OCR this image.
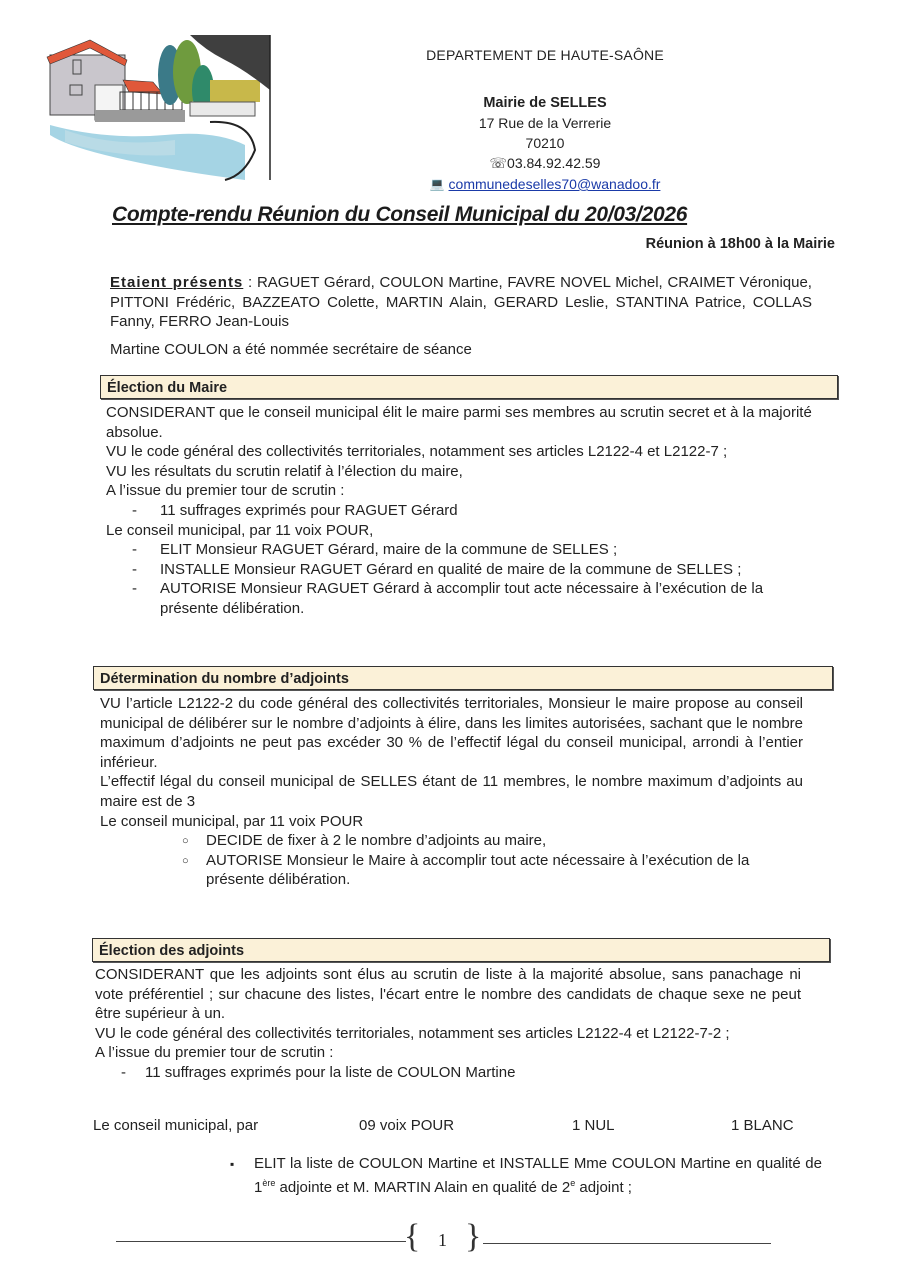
DEPARTEMENT DE HAUTE-SAÔNE
Mairie de SELLES
17 Rue de la Verrerie
70210
☏03.84.92.42.59
💻 communedeselles70@wanadoo.fr
Compte-rendu Réunion du Conseil Municipal du 20/03/2026
Réunion à 18h00 à la Mairie
Etaient présents : RAGUET Gérard, COULON Martine, FAVRE NOVEL Michel, CRAIMET Véronique, PITTONI Frédéric, BAZZEATO Colette, MARTIN Alain, GERARD Leslie, STANTINA Patrice, COLLAS Fanny, FERRO Jean-Louis
Martine COULON a été nommée secrétaire de séance
Élection du Maire
CONSIDERANT que le conseil municipal élit le maire parmi ses membres au scrutin secret et à la majorité absolue.
VU le code général des collectivités territoriales, notamment ses articles L2122-4 et L2122-7 ;
VU les résultats du scrutin relatif à l’élection du maire,
A l’issue du premier tour de scrutin :
- 11 suffrages exprimés pour RAGUET Gérard
Le conseil municipal, par 11 voix POUR,
- ELIT Monsieur RAGUET Gérard, maire de la commune de SELLES ;
- INSTALLE Monsieur RAGUET Gérard en qualité de maire de la commune de SELLES ;
- AUTORISE Monsieur RAGUET Gérard à accomplir tout acte nécessaire à l’exécution de la présente délibération.
Détermination du nombre d’adjoints
VU l’article L2122-2 du code général des collectivités territoriales, Monsieur le maire propose au conseil municipal de délibérer sur le nombre d’adjoints à élire, dans les limites autorisées, sachant que le nombre maximum d’adjoints ne peut pas excéder 30 % de l’effectif légal du conseil municipal, arrondi à l’entier inférieur.
L’effectif légal du conseil municipal de SELLES étant de 11 membres, le nombre maximum d’adjoints au maire est de 3
Le conseil municipal, par 11 voix POUR
○ DECIDE de fixer à 2 le nombre d’adjoints au maire,
○ AUTORISE Monsieur le Maire à accomplir tout acte nécessaire à l’exécution de la présente délibération.
Élection des adjoints
CONSIDERANT que les adjoints sont élus au scrutin de liste à la majorité absolue, sans panachage ni vote préférentiel ; sur chacune des listes, l'écart entre le nombre des candidats de chaque sexe ne peut être supérieur à un.
VU le code général des collectivités territoriales, notamment ses articles L2122-4 et L2122-7-2 ;
A l’issue du premier tour de scrutin :
- 11 suffrages exprimés pour la liste de COULON Martine
Le conseil municipal, par	09 voix POUR	1 NUL	1 BLANC
▪ ELIT la liste de COULON Martine et INSTALLE Mme COULON Martine en qualité de 1ère adjointe et M. MARTIN Alain en qualité de 2e adjoint ;
{ 1 }
